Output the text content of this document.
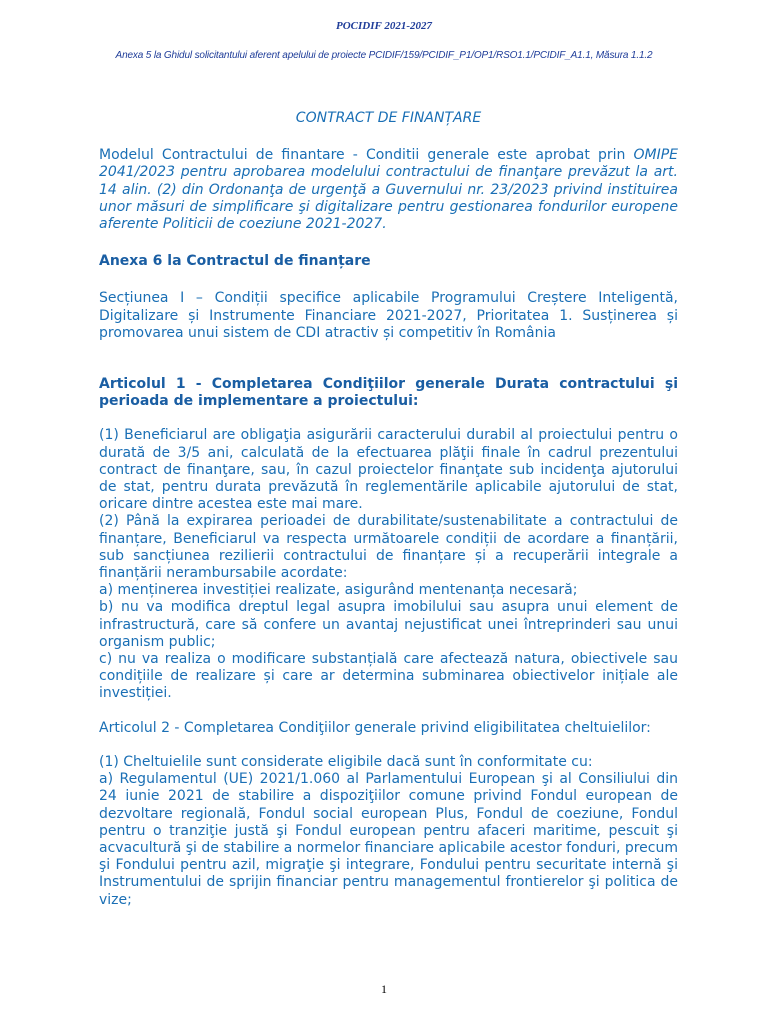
POCIDIF 2021-2027
Anexa 5 la Ghidul solicitantului aferent apelului de proiecte PCIDIF/159/PCIDIF_P1/OP1/RSO1.1/PCIDIF_A1.1, Măsura 1.1.2

CONTRACT DE FINANȚARE

Modelul Contractului de finantare - Conditii generale este aprobat prin OMIPE 2041/2023 pentru aprobarea modelului contractului de finanţare prevăzut la art. 14 alin. (2) din Ordonanţa de urgenţă a Guvernului nr. 23/2023 privind instituirea unor măsuri de simplificare şi digitalizare pentru gestionarea fondurilor europene aferente Politicii de coeziune 2021-2027.

Anexa 6 la Contractul de finanțare

Secțiunea I – Condiții specifice aplicabile Programului Creștere Inteligentă, Digitalizare și Instrumente Financiare 2021-2027, Prioritatea 1. Susținerea și promovarea unui sistem de CDI atractiv și competitiv în România

Articolul 1 - Completarea Condiţiilor generale Durata contractului şi perioada de implementare a proiectului:

(1) Beneficiarul are obligaţia asigurării caracterului durabil al proiectului pentru o durată de 3/5 ani, calculată de la efectuarea plăţii finale în cadrul prezentului contract de finanţare, sau, în cazul proiectelor finanţate sub incidenţa ajutorului de stat, pentru durata prevăzută în reglementările aplicabile ajutorului de stat, oricare dintre acestea este mai mare.

(2) Până la expirarea perioadei de durabilitate/sustenabilitate a contractului de finanțare, Beneficiarul va respecta următoarele condiții de acordare a finanțării, sub sancțiunea rezilierii contractului de finanțare și a recuperării integrale a finanțării nerambursabile acordate:

a) menținerea investiției realizate, asigurând mentenanța necesară;

b) nu va modifica dreptul legal asupra imobilului sau asupra unui element de infrastructură, care să confere un avantaj nejustificat unei întreprinderi sau unui organism public;

c) nu va realiza o modificare substanțială care afectează natura, obiectivele sau condițiile de realizare și care ar determina subminarea obiectivelor inițiale ale investiției.

Articolul 2 - Completarea Condiţiilor generale privind eligibilitatea cheltuielilor:

(1) Cheltuielile sunt considerate eligibile dacă sunt în conformitate cu:

a) Regulamentul (UE) 2021/1.060 al Parlamentului European şi al Consiliului din 24 iunie 2021 de stabilire a dispoziţiilor comune privind Fondul european de dezvoltare regională, Fondul social european Plus, Fondul de coeziune, Fondul pentru o tranziţie justă şi Fondul european pentru afaceri maritime, pescuit şi acvacultură şi de stabilire a normelor financiare aplicabile acestor fonduri, precum şi Fondului pentru azil, migraţie şi integrare, Fondului pentru securitate internă şi Instrumentului de sprijin financiar pentru managementul frontierelor şi politica de vize;

1
